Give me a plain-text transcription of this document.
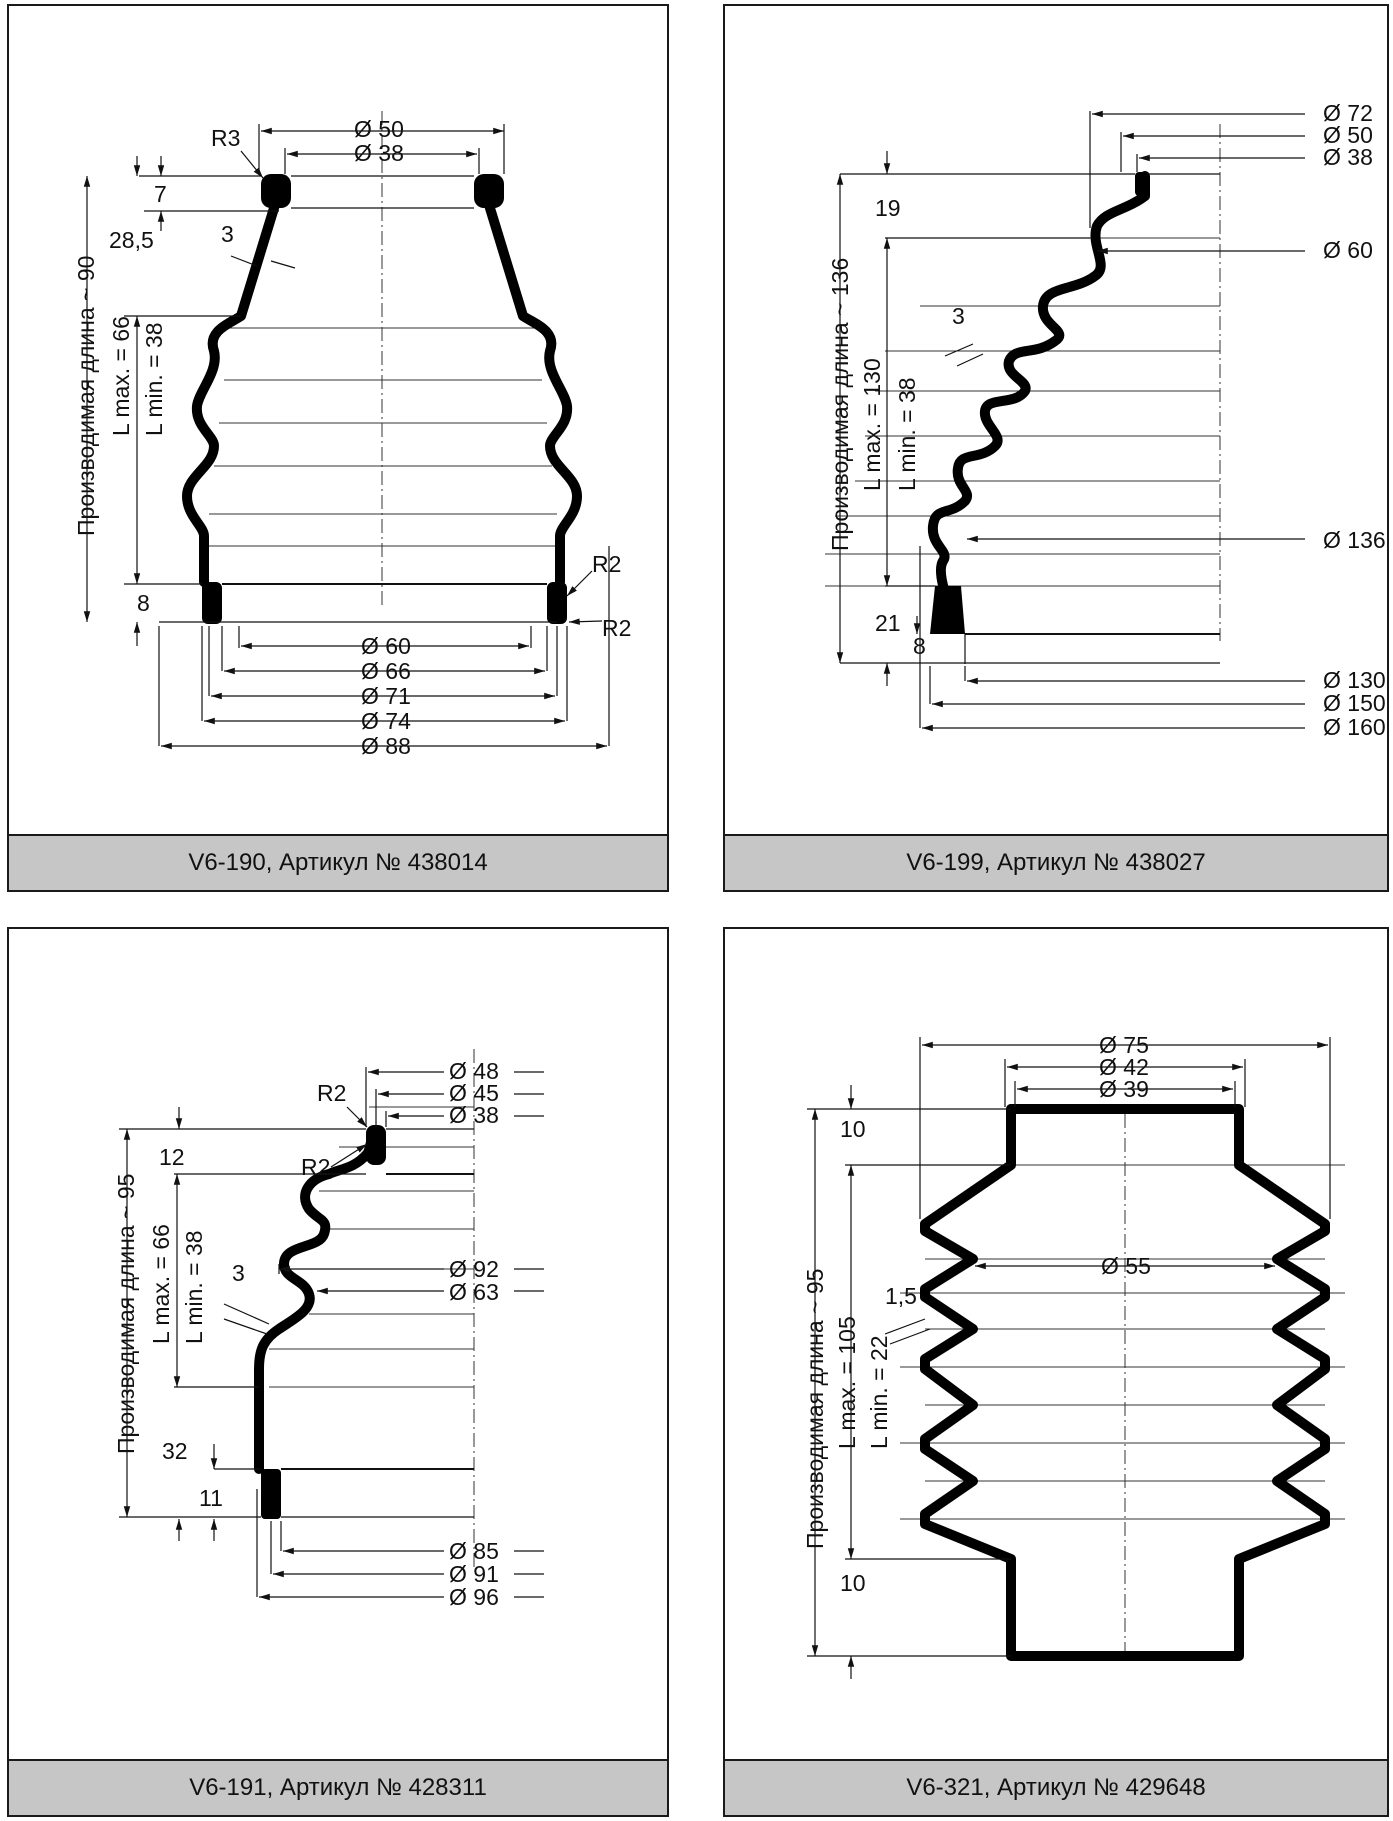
Ø 50
Ø 38
R3
7
28,5	3
8
Производимая длина ~ 90 L max. = 66 L min. = 38
R2
R2
Ø 60
Ø 66
Ø 71
Ø 74
Ø 88
V6-190, Артикул № 438014
Ø 72
Ø 50
Ø 38
Ø 60
19
Производимая длина ~ 136 L max. = 130 L min. = 38
3
21
8
Ø 136
Ø 130
Ø 150
Ø 160
V6-199, Артикул № 438027
Ø 48
Ø 45
Ø 38
R2
R2
12
Производимая длина ~ 95 L max. = 66 L min. = 38 3
32
11
Ø 92
Ø 63
Ø 85
Ø 91
Ø 96
V6-191, Артикул № 428311
Ø 75
Ø 42
Ø 39
10
10
Производимая длина ~ 95 L max. = 105 L min. = 22
1,5
Ø 55
V6-321, Артикул № 429648
